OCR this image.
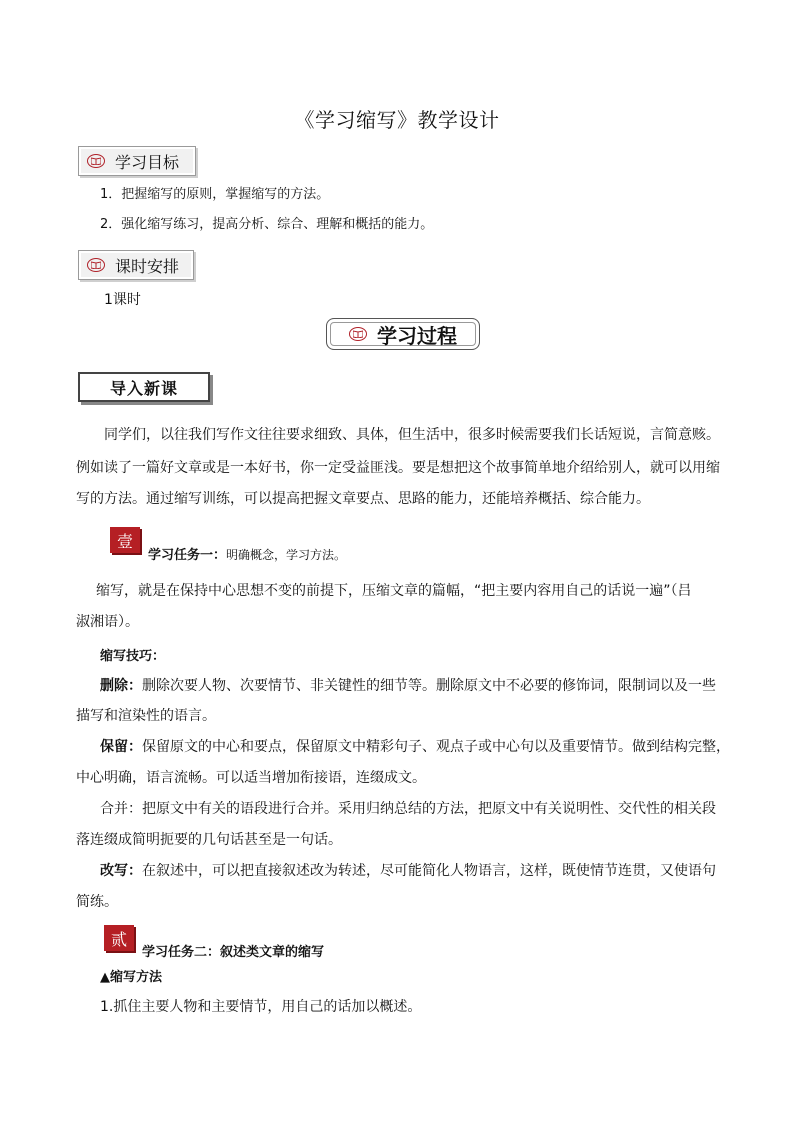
《学习缩写》教学设计
学习目标

1．把握缩写的原则，掌握缩写的方法。

2．强化缩写练习，提高分析、综合、理解和概括的能力。

课时安排

1课时

学习过程
导入新课

同学们，以往我们写作文往往要求细致、具体，但生活中，很多时候需要我们长话短说，言简意赅。

例如读了一篇好文章或是一本好书，你一定受益匪浅。要是想把这个故事简单地介绍给别人，就可以用缩

写的方法。通过缩写训练，可以提高把握文章要点、思路的能力，还能培养概括、综合能力。

壹
学习任务一：明确概念，学习方法。

缩写，就是在保持中心思想不变的前提下，压缩文章的篇幅，“把主要内容用自己的话说一遍”（吕

淑湘语）。

缩写技巧：

删除：删除次要人物、次要情节、非关键性的细节等。删除原文中不必要的修饰词，限制词以及一些

描写和渲染性的语言。

保留：保留原文的中心和要点，保留原文中精彩句子、观点子或中心句以及重要情节。做到结构完整，

中心明确，语言流畅。可以适当增加衔接语，连缀成文。

合并：把原文中有关的语段进行合并。采用归纳总结的方法，把原文中有关说明性、交代性的相关段

落连缀成简明扼要的几句话甚至是一句话。

改写：在叙述中，可以把直接叙述改为转述，尽可能简化人物语言，这样，既使情节连贯，又使语句

简练。

贰

学习任务二：叙述类文章的缩写

▲缩写方法

1.抓住主要人物和主要情节，用自己的话加以概述。
